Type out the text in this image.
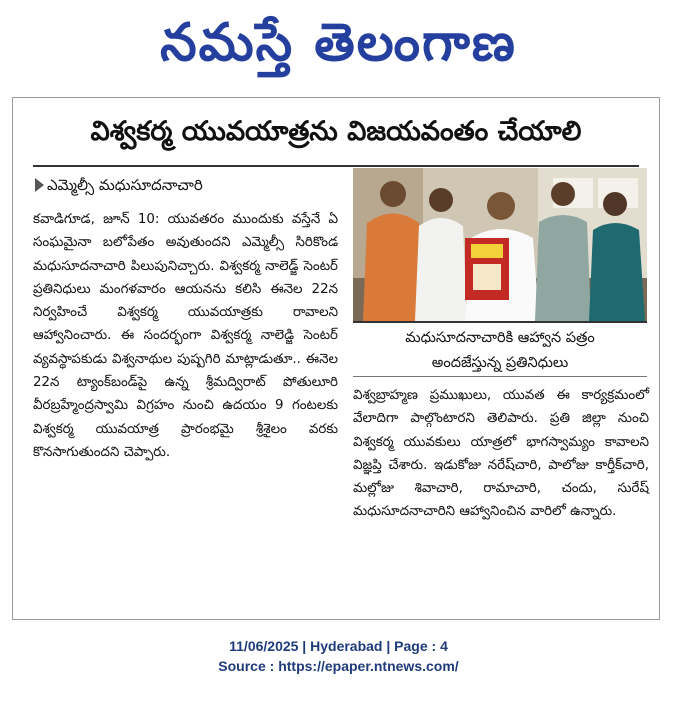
నమస్తే తెలంగాణ
విశ్వకర్మ యువయాత్రను విజయవంతం చేయాలి
ఎమ్మెల్సీ మధుసూదనాచారి

కవాడిగూడ, జూన్ 10: యువతరం ముందుకు వస్తేనే ఏ సంఘమైనా బలోపేతం అవుతుందని ఎమ్మెల్సీ సిరికొండ మధుసూదనాచారి పిలుపునిచ్చారు. విశ్వకర్మ నాలెడ్జ్ సెంటర్ ప్రతినిధులు మంగళవారం ఆయనను కలిసి ఈనెల 22న నిర్వహించే విశ్వకర్మ యువయాత్రకు రావాలని ఆహ్వానించారు. ఈ సందర్భంగా విశ్వకర్మ నాలెడ్జి సెంటర్ వ్యవస్థాపకుడు విశ్వనాథుల పుష్పగిరి మాట్లాడుతూ.. ఈనెల 22న ట్యాంక్‌బండ్‌పై ఉన్న శ్రీమద్విరాట్ పోతులూరి వీరబ్రహ్మేంద్రస్వామి విగ్రహం నుంచి ఉదయం 9 గంటలకు విశ్వకర్మ యువయాత్ర ప్రారంభమై శ్రీశైలం వరకు కొనసాగుతుందని చెప్పారు.

మధుసూదనాచారికి ఆహ్వాన పత్రం
అందజేస్తున్న ప్రతినిధులు

విశ్వబ్రాహ్మణ ప్రముఖులు, యువత ఈ కార్యక్రమంలో వేలాదిగా పాల్గొంటారని తెలిపారు. ప్రతి జిల్లా నుంచి విశ్వకర్మ యువకులు యాత్రలో భాగస్వామ్యం కావాలని విజ్ఞప్తి చేశారు. ఇడుకోజు నరేష్‌చారి, పాలోజు కార్తీక్‌చారి, మల్లోజు శివాచారి, రామాచారి, చందు, సురేష్ మధుసూదనాచారిని ఆహ్వానించిన వారిలో ఉన్నారు.

11/06/2025 | Hyderabad | Page : 4
Source : https://epaper.ntnews.com/
